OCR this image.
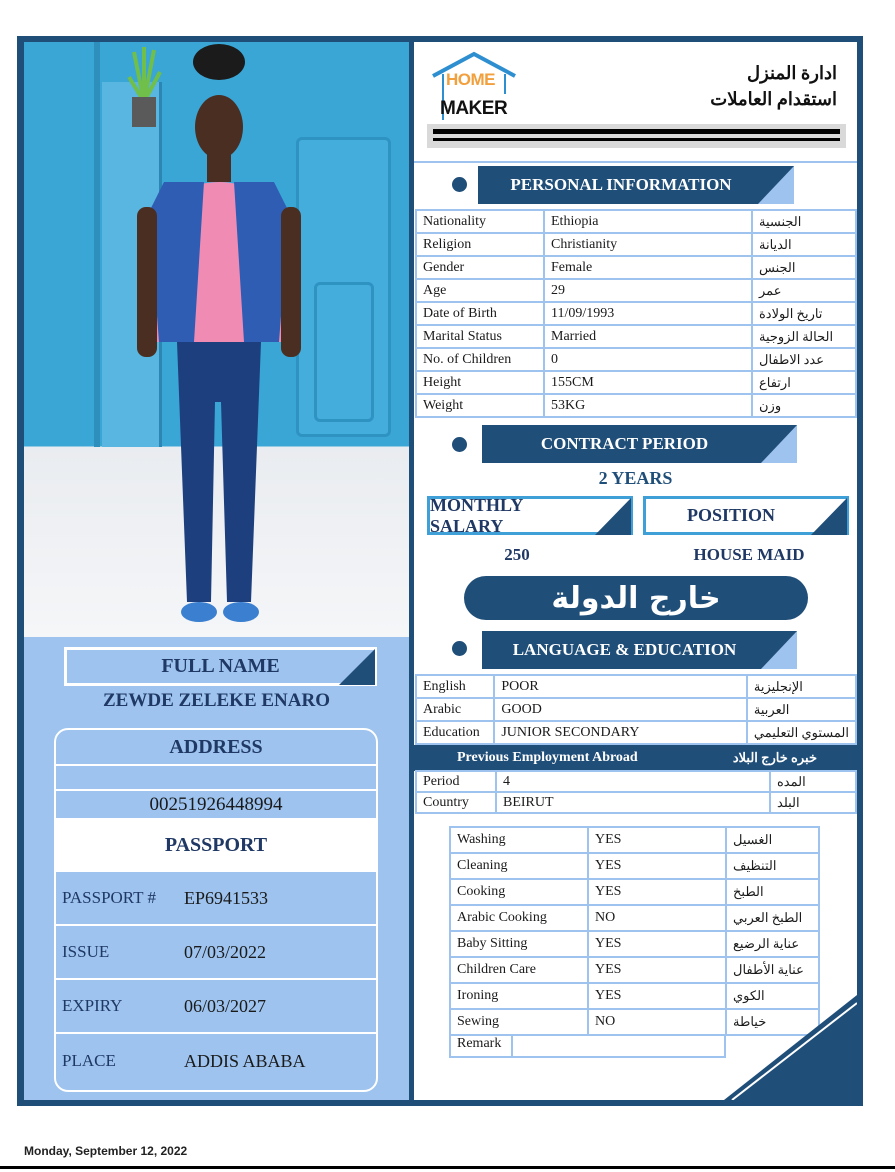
FULL NAME
ZEWDE ZELEKE ENARO
ADDRESS
00251926448994
PASSPORT
PASSPORT #	EP6941533
ISSUE	07/03/2022
EXPIRY	06/03/2027
PLACE	ADDIS ABABA
HOME
MAKER
ادارة المنزل
استقدام العاملات
PERSONAL INFORMATION
Nationality	Ethiopia	الجنسية
Religion	Christianity	الديانة
Gender	Female	الجنس
Age	29	عمر
Date of Birth	11/09/1993	تاريخ الولادة
Marital Status	Married	الحالة الزوجية
No. of Children	0	عدد الاطفال
Height	155CM	ارتفاع
Weight	53KG	وزن
CONTRACT PERIOD
2 YEARS
MONTHLY SALARY
POSITION
250	HOUSE MAID
خارج الدولة
LANGUAGE & EDUCATION
English	POOR	الإنجليزية
Arabic	GOOD	العربية
Education	JUNIOR SECONDARY	المستوي التعليمي
Previous Employment Abroad	خبره خارج البلاد
Period	4	المده
Country	BEIRUT	البلد
Washing	YES	الغسيل
Cleaning	YES	التنظيف
Cooking	YES	الطبخ
Arabic Cooking	NO	الطبخ العربي
Baby Sitting	YES	عناية الرضيع
Children Care	YES	عناية الأطفال
Ironing	YES	الكوي
Sewing	NO	خياطة
Remark
Monday, September 12, 2022
